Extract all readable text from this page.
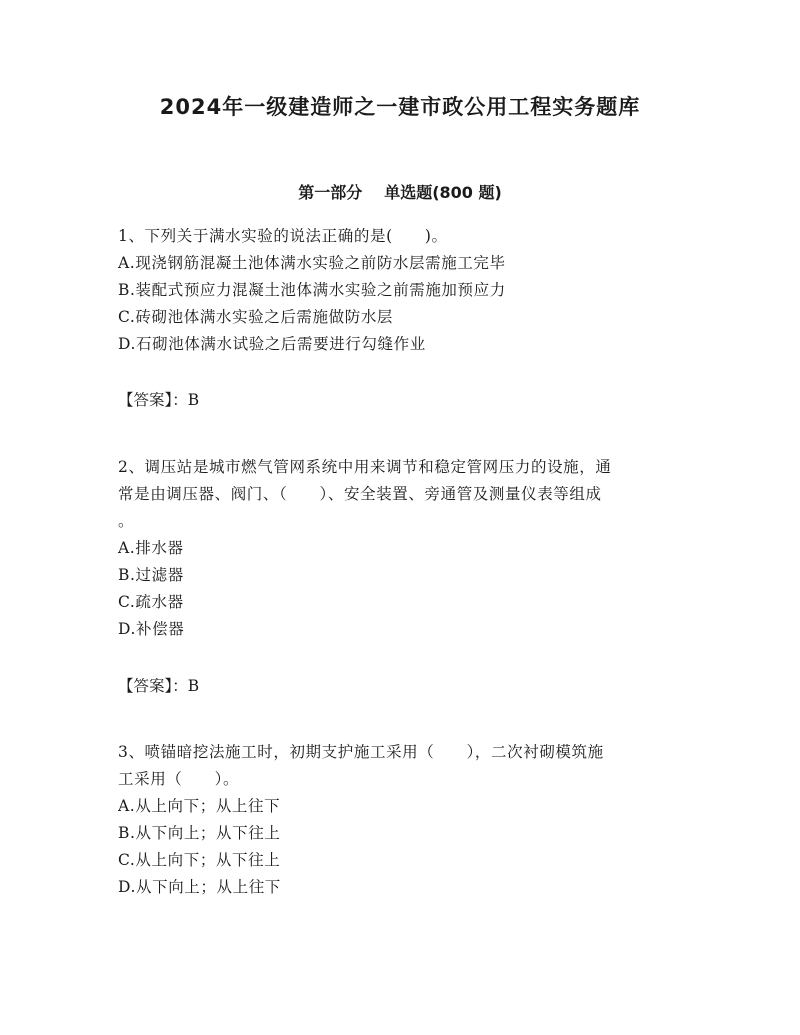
2024年一级建造师之一建市政公用工程实务题库
第一部分 单选题(800 题)
1、下列关于满水实验的说法正确的是(　　)。
A.现浇钢筋混凝土池体满水实验之前防水层需施工完毕
B.装配式预应力混凝土池体满水实验之前需施加预应力
C.砖砌池体满水实验之后需施做防水层
D.石砌池体满水试验之后需要进行勾缝作业
【答案】：B
2、调压站是城市燃气管网系统中用来调节和稳定管网压力的设施，通
常是由调压器、阀门、（　　）、安全装置、旁通管及测量仪表等组成
。
A.排水器
B.过滤器
C.疏水器
D.补偿器
【答案】：B
3、喷锚暗挖法施工时，初期支护施工采用（　　），二次衬砌模筑施
工采用（　　）。
A.从上向下；从上往下
B.从下向上；从下往上
C.从上向下；从下往上
D.从下向上；从上往下
